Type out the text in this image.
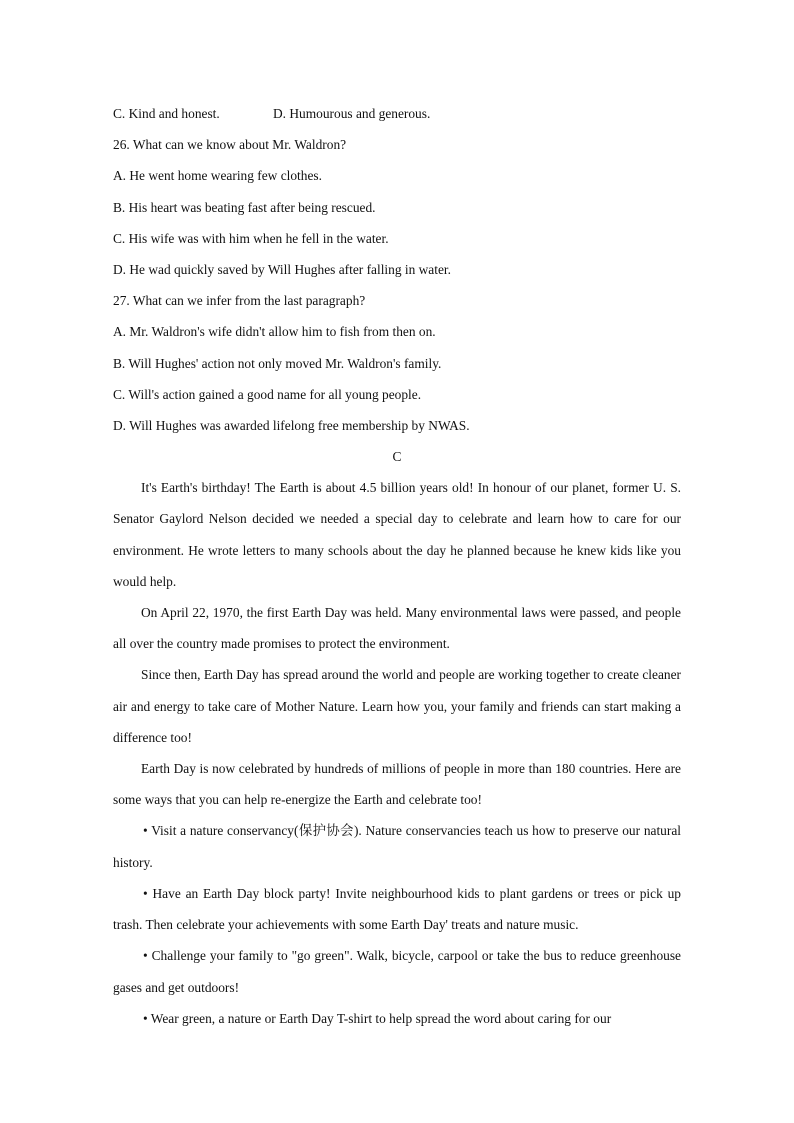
C. Kind and honest.	D. Humourous and generous.

26. What can we know about Mr. Waldron?

A. He went home wearing few clothes.

B. His heart was beating fast after being rescued.

C. His wife was with him when he fell in the water.

D. He wad quickly saved by Will Hughes after falling in water.

27. What can we infer from the last paragraph?

A. Mr. Waldron's wife didn't allow him to fish from then on.

B. Will Hughes' action not only moved Mr. Waldron's family.

C. Will's action gained a good name for all young people.

D. Will Hughes was awarded lifelong free membership by NWAS.

C

It's Earth's birthday! The Earth is about 4.5 billion years old! In honour of our planet, former U. S. Senator Gaylord Nelson decided we needed a special day to celebrate and learn how to care for our environment. He wrote letters to many schools about the day he planned because he knew kids like you would help.

On April 22, 1970, the first Earth Day was held. Many environmental laws were passed, and people all over the country made promises to protect the environment.

Since then, Earth Day has spread around the world and people are working together to create cleaner air and energy to take care of Mother Nature. Learn how you, your family and friends can start making a difference too!

Earth Day is now celebrated by hundreds of millions of people in more than 180 countries. Here are some ways that you can help re-energize the Earth and celebrate too!

• Visit a nature conservancy(保护协会). Nature conservancies teach us how to preserve our natural history.

• Have an Earth Day block party! Invite neighbourhood kids to plant gardens or trees or pick up trash. Then celebrate your achievements with some Earth Day' treats and nature music.

• Challenge your family to "go green". Walk, bicycle, carpool or take the bus to reduce greenhouse gases and get outdoors!

• Wear green, a nature or Earth Day T-shirt to help spread the word about caring for our
